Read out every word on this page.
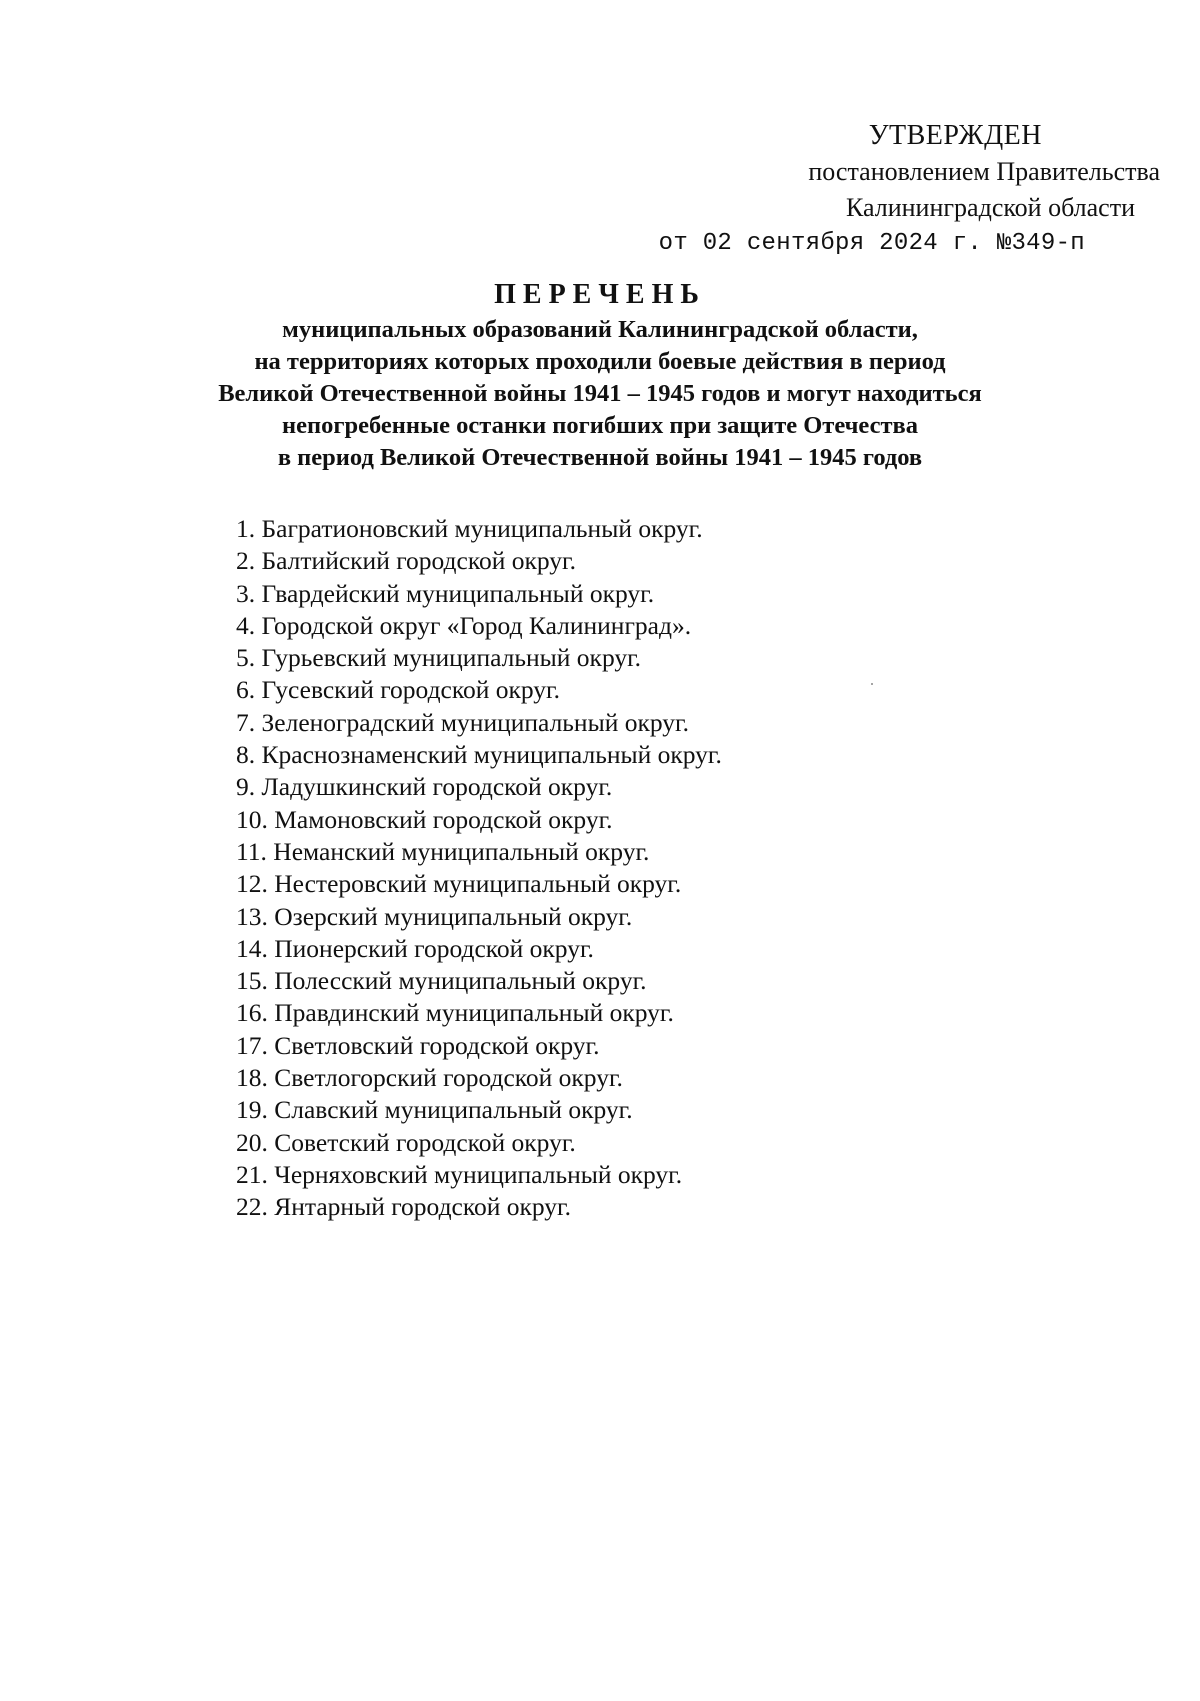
УТВЕРЖДЕН
постановлением Правительства
Калининградской области
от 02 сентября 2024 г. №349-п
ПЕРЕЧЕНЬ
муниципальных образований Калининградской области,
на территориях которых проходили боевые действия в период
Великой Отечественной войны 1941 – 1945 годов и могут находиться
непогребенные останки погибших при защите Отечества
в период Великой Отечественной войны 1941 – 1945 годов
1. Багратионовский муниципальный округ.
2. Балтийский городской округ.
3. Гвардейский муниципальный округ.
4. Городской округ «Город Калининград».
5. Гурьевский муниципальный округ.
6. Гусевский городской округ.
7. Зеленоградский муниципальный округ.
8. Краснознаменский муниципальный округ.
9. Ладушкинский городской округ.
10. Мамоновский городской округ.
11. Неманский муниципальный округ.
12. Нестеровский муниципальный округ.
13. Озерский муниципальный округ.
14. Пионерский городской округ.
15. Полесский муниципальный округ.
16. Правдинский муниципальный округ.
17. Светловский городской округ.
18. Светлогорский городской округ.
19. Славский муниципальный округ.
20. Советский городской округ.
21. Черняховский муниципальный округ.
22. Янтарный городской округ.
